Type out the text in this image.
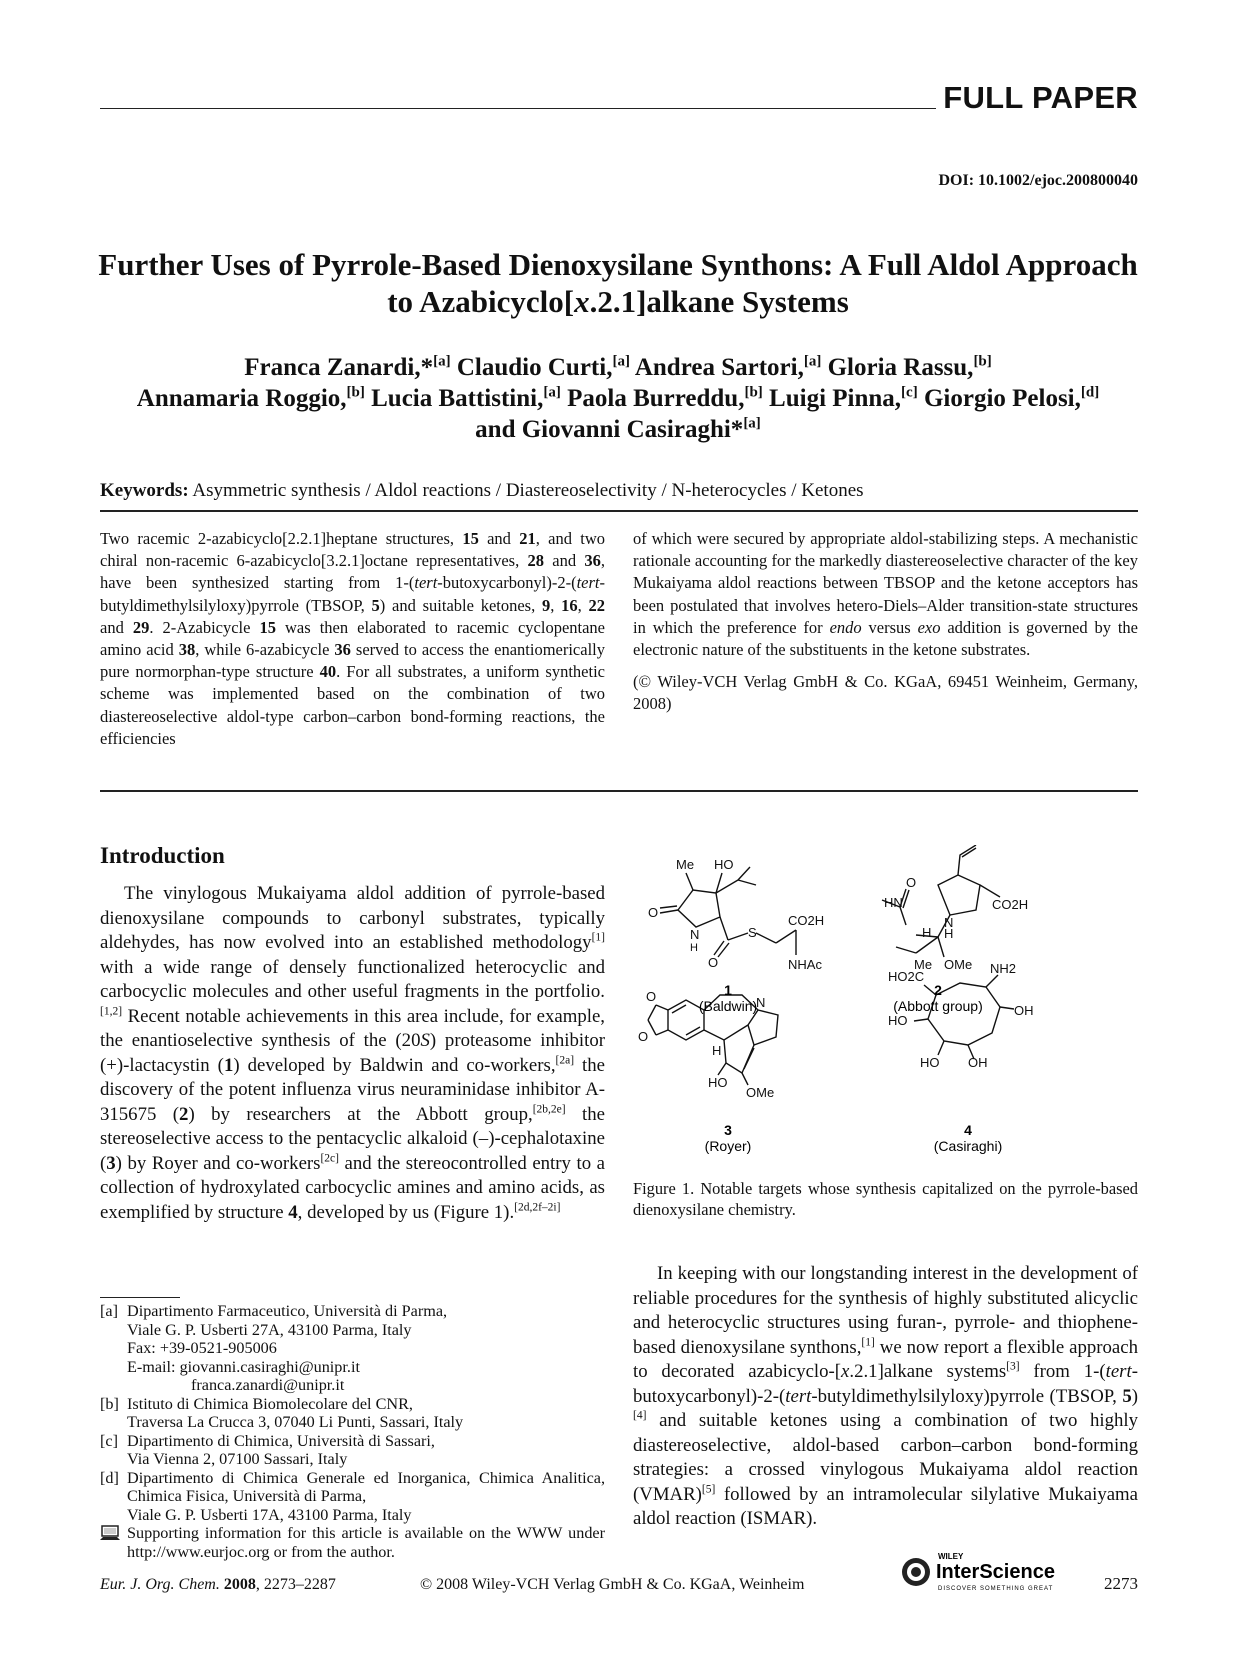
FULL PAPER
DOI: 10.1002/ejoc.200800040
Further Uses of Pyrrole-Based Dienoxysilane Synthons: A Full Aldol Approach
to Azabicyclo[x.2.1]alkane Systems
Franca Zanardi,*[a] Claudio Curti,[a] Andrea Sartori,[a] Gloria Rassu,[b]
Annamaria Roggio,[b] Lucia Battistini,[a] Paola Burreddu,[b] Luigi Pinna,[c] Giorgio Pelosi,[d]
and Giovanni Casiraghi*[a]
Keywords: Asymmetric synthesis / Aldol reactions / Diastereoselectivity / N-heterocycles / Ketones

Two racemic 2-azabicyclo[2.2.1]heptane structures, 15 and 21, and two chiral non-racemic 6-azabicyclo[3.2.1]octane representatives, 28 and 36, have been synthesized starting from 1-(tert-butoxycarbonyl)-2-(tert-butyldimethylsilyloxy)pyrrole (TBSOP, 5) and suitable ketones, 9, 16, 22 and 29. 2-Azabicycle 15 was then elaborated to racemic cyclopentane amino acid 38, while 6-azabicycle 36 served to access the enantiomerically pure normorphan-type structure 40. For all substrates, a uniform synthetic scheme was implemented based on the combination of two diastereoselective aldol-type carbon–carbon bond-forming reactions, the efficiencies

of which were secured by appropriate aldol-stabilizing steps. A mechanistic rationale accounting for the markedly diastereoselective character of the key Mukaiyama aldol reactions between TBSOP and the ketone acceptors has been postulated that involves hetero-Diels–Alder transition-state structures in which the preference for endo versus exo addition is governed by the electronic nature of the substituents in the ketone substrates.

(© Wiley-VCH Verlag GmbH & Co. KGaA, 69451 Weinheim, Germany, 2008)

Introduction

The vinylogous Mukaiyama aldol addition of pyrrole-based dienoxysilane compounds to carbonyl substrates, typically aldehydes, has now evolved into an established methodology[1] with a wide range of densely functionalized heterocyclic and carbocyclic molecules and other useful fragments in the portfolio.[1,2] Recent notable achievements in this area include, for example, the enantioselective synthesis of the (20S) proteasome inhibitor (+)-lactacystin (1) developed by Baldwin and co-workers,[2a] the discovery of the potent influenza virus neuraminidase inhibitor A-315675 (2) by researchers at the Abbott group,[2b,2e] the stereoselective access to the pentacyclic alkaloid (–)-cephalotaxine (3) by Royer and co-workers[2c] and the stereocontrolled entry to a collection of hydroxylated carbocyclic amines and amino acids, as exemplified by structure 4, developed by us (Figure 1).[2d,2f–2i]

In keeping with our longstanding interest in the development of reliable procedures for the synthesis of highly substituted alicyclic and heterocyclic structures using furan-, pyrrole- and thiophene-based dienoxysilane synthons,[1] we now report a flexible approach to decorated azabicyclo-[x.2.1]alkane systems[3] from 1-(tert-butoxycarbonyl)-2-(tert-butyldimethylsilyloxy)pyrrole (TBSOP, 5)[4] and suitable ketones using a combination of two highly diastereoselective, aldol-based carbon–carbon bond-forming strategies: a crossed vinylogous Mukaiyama aldol reaction (VMAR)[5] followed by an intramolecular silylative Mukaiyama aldol reaction (ISMAR).

[a] Dipartimento Farmaceutico, Università di Parma,
Viale G. P. Usberti 27A, 43100 Parma, Italy
Fax: +39-0521-905006
E-mail: giovanni.casiraghi@unipr.it
franca.zanardi@unipr.it
[b] Istituto di Chimica Biomolecolare del CNR,
Traversa La Crucca 3, 07040 Li Punti, Sassari, Italy
[c] Dipartimento di Chimica, Università di Sassari,
Via Vienna 2, 07100 Sassari, Italy
[d] Dipartimento di Chimica Generale ed Inorganica, Chimica Analitica, Chimica Fisica, Università di Parma,
Viale G. P. Usberti 17A, 43100 Parma, Italy
Supporting information for this article is available on the WWW under http://www.eurjoc.org or from the author.
Me HO
O
N
H
S
CO2H
NHAc
O
O
HN
N
H H
CO2H
OMe
Me
O
O
N
H
HO
OMe
HO2C
NH2
HO
OH
HO OH
1
(Baldwin)
2
(Abbott group)
3
(Royer)
4
(Casiraghi)
Figure 1. Notable targets whose synthesis capitalized on the pyrrole-based dienoxysilane chemistry.
Eur. J. Org. Chem. 2008, 2273–2287	© 2008 Wiley-VCH Verlag GmbH & Co. KGaA, Weinheim
WILEY
InterScience
DISCOVER SOMETHING GREAT	2273
